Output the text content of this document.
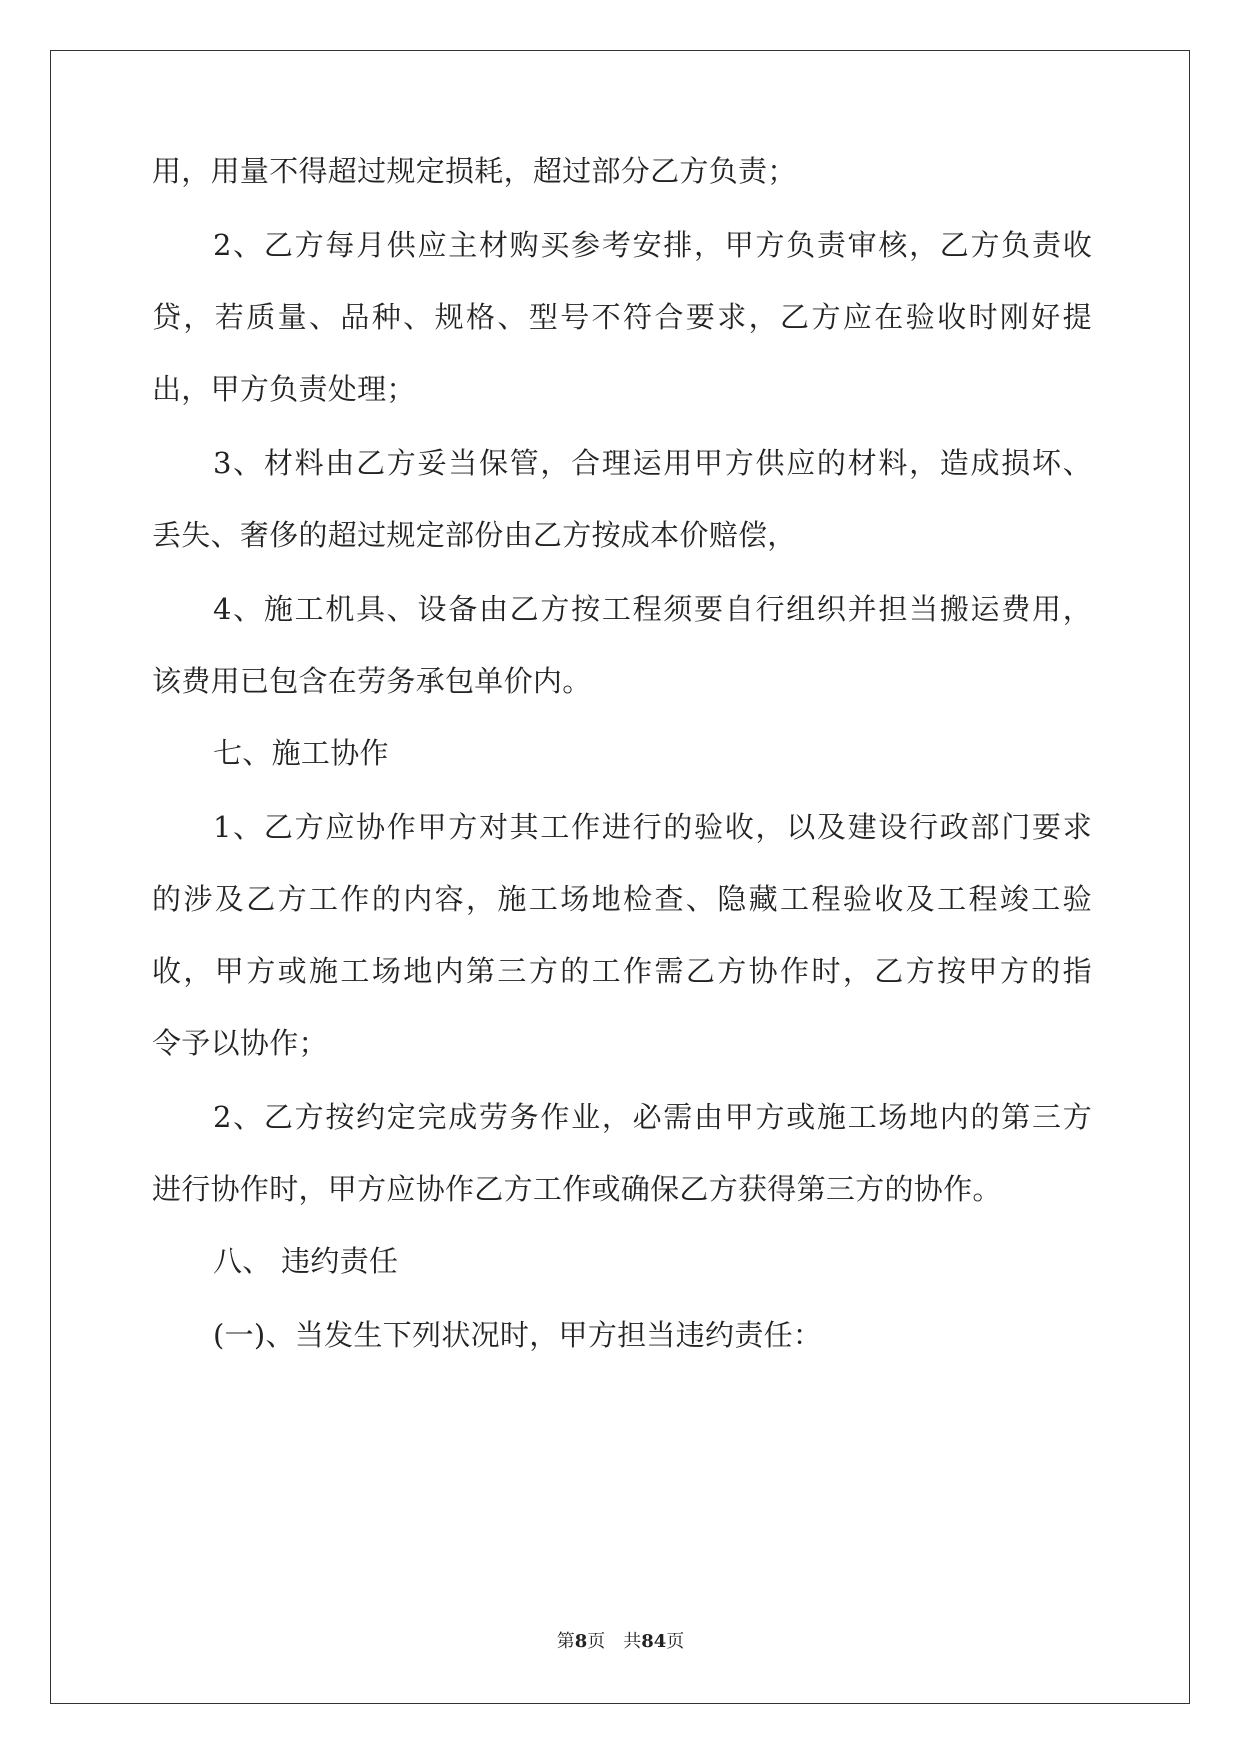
用，用量不得超过规定损耗，超过部分乙方负责；
2、乙方每月供应主材购买参考安排，甲方负责审核，乙方负责收
贷，若质量、品种、规格、型号不符合要求，乙方应在验收时刚好提
出，甲方负责处理；
3、材料由乙方妥当保管，合理运用甲方供应的材料，造成损坏、
丢失、奢侈的超过规定部份由乙方按成本价赔偿，
4、施工机具、设备由乙方按工程须要自行组织并担当搬运费用，
该费用已包含在劳务承包单价内。
七、施工协作
1、乙方应协作甲方对其工作进行的验收，以及建设行政部门要求
的涉及乙方工作的内容，施工场地检查、隐藏工程验收及工程竣工验
收，甲方或施工场地内第三方的工作需乙方协作时，乙方按甲方的指
令予以协作；
2、乙方按约定完成劳务作业，必需由甲方或施工场地内的第三方
进行协作时，甲方应协作乙方工作或确保乙方获得第三方的协作。
八、 违约责任
(一)、当发生下列状况时，甲方担当违约责任：
第8页 共84页
